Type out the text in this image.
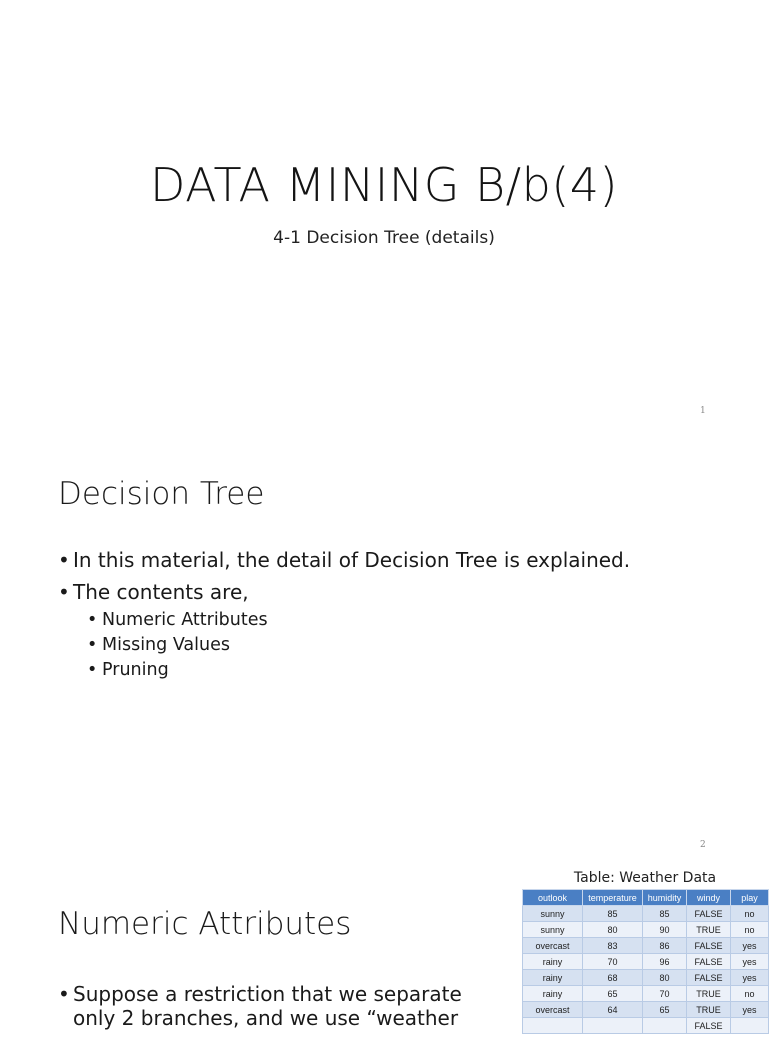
DATA MINING B/b(4)

4-1 Decision Tree (details)

1
Decision Tree
• In this material, the detail of Decision Tree is explained.
• The contents are,
• Numeric Attributes
• Missing Values
• Pruning
2
Numeric Attributes
• Suppose a restriction that we separate only 2 branches, and we use “weather
Table: Weather Data
outlook	temperature	humidity	windy	play
sunny	85	85	FALSE	no
sunny	80	90	TRUE	no
overcast	83	86	FALSE	yes
rainy	70	96	FALSE	yes
rainy	68	80	FALSE	yes
rainy	65	70	TRUE	no
overcast	64	65	TRUE	yes
			FALSE	
